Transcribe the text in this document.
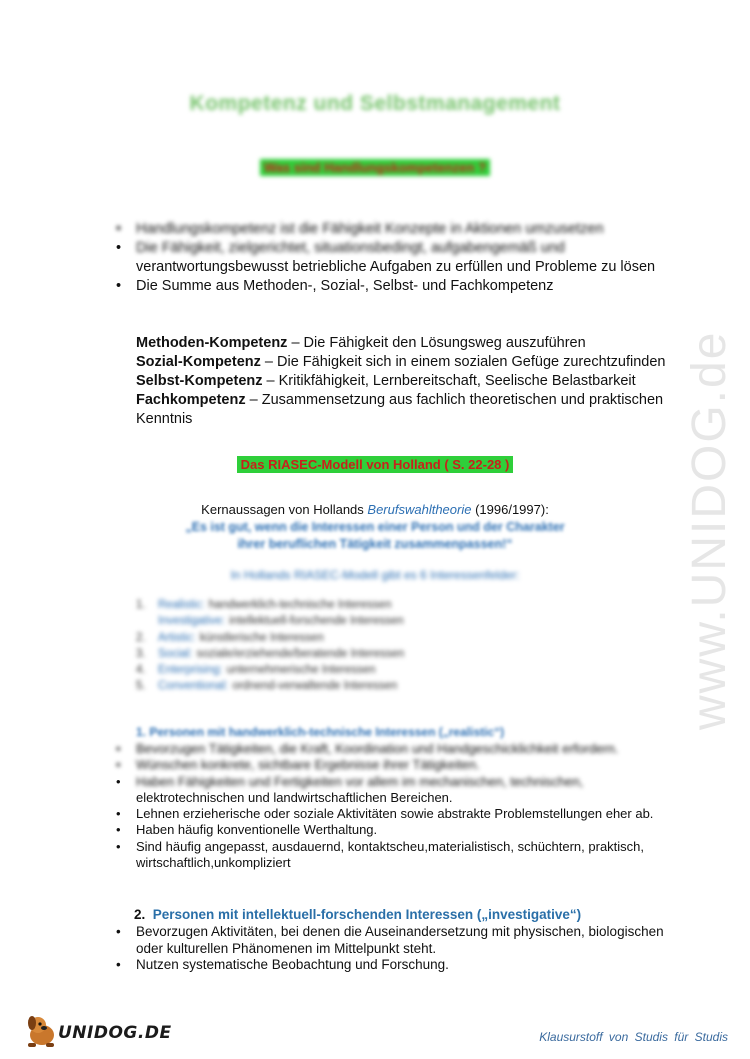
www.UNIDOG.de
Kompetenz und Selbstmanagement
Was sind Handlungskompetenzen ?
• Handlungskompetenz ist die Fähigkeit Konzepte in Aktionen umzusetzen
• Die Fähigkeit, zielgerichtet, situationsbedingt, aufgabengemäß und
verantwortungsbewusst betriebliche Aufgaben zu erfüllen und Probleme zu lösen
• Die Summe aus Methoden-, Sozial-, Selbst- und Fachkompetenz
Methoden-Kompetenz – Die Fähigkeit den Lösungsweg auszuführen
Sozial-Kompetenz – Die Fähigkeit sich in einem sozialen Gefüge zurechtzufinden
Selbst-Kompetenz – Kritikfähigkeit, Lernbereitschaft, Seelische Belastbarkeit
Fachkompetenz – Zusammensetzung aus fachlich theoretischen und praktischen Kenntnis
Das RIASEC-Modell von Holland ( S. 22-28 )
Kernaussagen von Hollands Berufswahltheorie (1996/1997):
„Es ist gut, wenn die Interessen einer Person und der Charakter
ihrer beruflichen Tätigkeit zusammenpassen!“
In Hollands RIASEC-Modell gibt es 6 Interessenfelder:
1. Realistic: handwerklich-technische Interessen
Investigative: intellektuell-forschende Interessen
2. Artistic: künstlerische Interessen
3. Social: soziale/erziehende/beratende Interessen
4. Enterprising: unternehmerische Interessen
5. Conventional: ordnend-verwaltende Interessen
1. Personen mit handwerklich-technische Interessen („realistic“)
• Bevorzugen Tätigkeiten, die Kraft, Koordination und Handgeschicklichkeit erfordern.
• Wünschen konkrete, sichtbare Ergebnisse ihrer Tätigkeiten.
• Haben Fähigkeiten und Fertigkeiten vor allem im mechanischen, technischen,
elektrotechnischen und landwirtschaftlichen Bereichen.
• Lehnen erzieherische oder soziale Aktivitäten sowie abstrakte Problemstellungen eher ab.
• Haben häufig konventionelle Werthaltung.
• Sind häufig angepasst, ausdauernd, kontaktscheu,materialistisch, schüchtern, praktisch, wirtschaftlich,unkompliziert
2. Personen mit intellektuell-forschenden Interessen („investigative“)
• Bevorzugen Aktivitäten, bei denen die Auseinandersetzung mit physischen, biologischen oder kulturellen Phänomenen im Mittelpunkt steht.
• Nutzen systematische Beobachtung und Forschung.
UNIDOG.DE	Klausurstoff von Studis für Studis
